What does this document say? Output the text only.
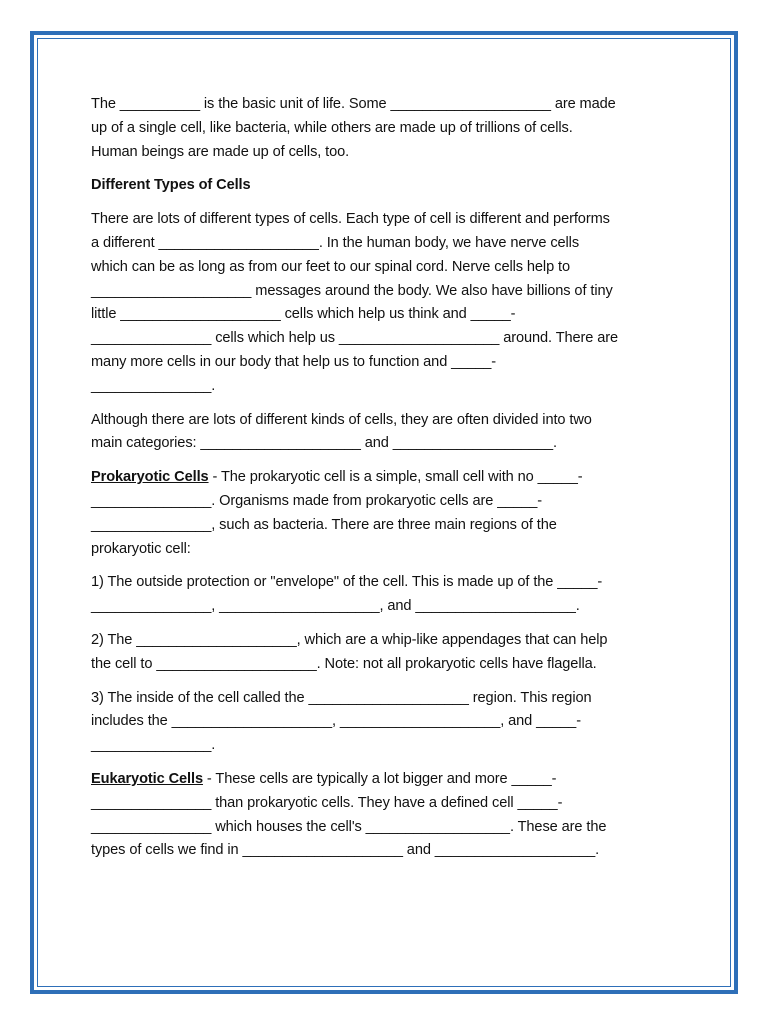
The __________ is the basic unit of life. Some ____________________ are made
up of a single cell, like bacteria, while others are made up of trillions of cells.
Human beings are made up of cells, too.

Different Types of Cells

There are lots of different types of cells. Each type of cell is different and performs
a different ____________________. In the human body, we have nerve cells
which can be as long as from our feet to our spinal cord. Nerve cells help to
____________________ messages around the body. We also have billions of tiny
little ____________________ cells which help us think and _____-
_______________ cells which help us ____________________ around. There are
many more cells in our body that help us to function and _____-
_______________.

Although there are lots of different kinds of cells, they are often divided into two
main categories: ____________________ and ____________________.

Prokaryotic Cells - The prokaryotic cell is a simple, small cell with no _____-
_______________. Organisms made from prokaryotic cells are _____-
_______________, such as bacteria. There are three main regions of the
prokaryotic cell:

1) The outside protection or "envelope" of the cell. This is made up of the _____-
_______________, ____________________, and ____________________.

2) The ____________________, which are a whip-like appendages that can help
the cell to ____________________. Note: not all prokaryotic cells have flagella.

3) The inside of the cell called the ____________________ region. This region
includes the ____________________, ____________________, and _____-
_______________.

Eukaryotic Cells - These cells are typically a lot bigger and more _____-
_______________ than prokaryotic cells. They have a defined cell _____-
_______________ which houses the cell's __________________. These are the
types of cells we find in ____________________ and ____________________.
